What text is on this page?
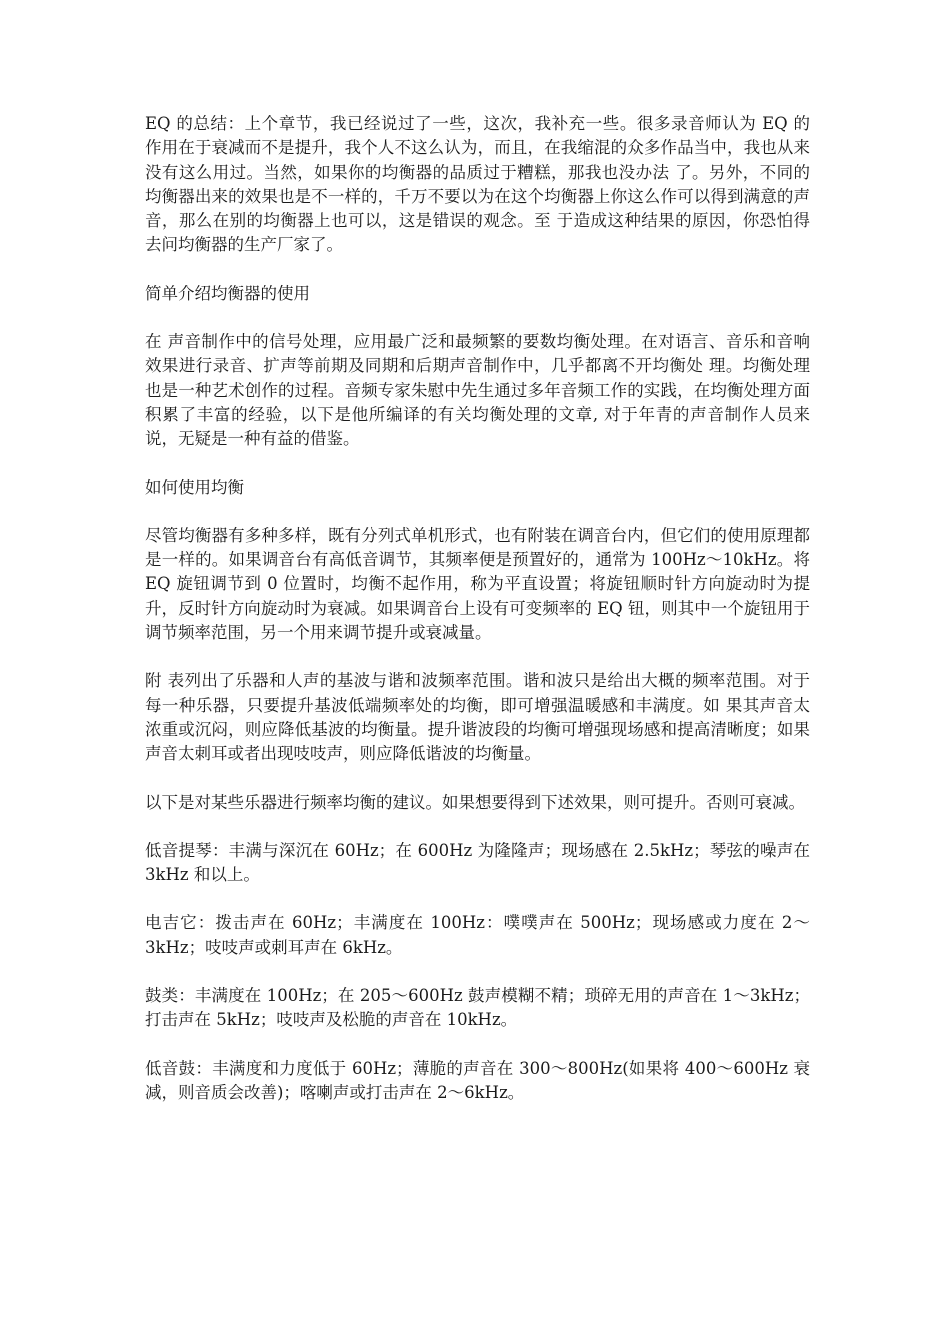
EQ 的总结：上个章节，我已经说过了一些，这次，我补充一些。很多录音师认为 EQ 的 作用在于衰减而不是提升，我个人不这么认为，而且，在我缩混的众多作品当中，我也从来没有这么用过。当然，如果你的均衡器的品质过于糟糕，那我也没办法 了。另外，不同的均衡器出来的效果也是不一样的，千万不要以为在这个均衡器上你这么作可以得到满意的声音，那么在别的均衡器上也可以，这是错误的观念。至 于造成这种结果的原因，你恐怕得去问均衡器的生产厂家了。

简单介绍均衡器的使用

在 声音制作中的信号处理，应用最广泛和最频繁的要数均衡处理。在对语言、音乐和音响效果进行录音、扩声等前期及同期和后期声音制作中，几乎都离不开均衡处 理。均衡处理也是一种艺术创作的过程。音频专家朱慰中先生通过多年音频工作的实践，在均衡处理方面积累了丰富的经验，以下是他所编译的有关均衡处理的文章, 对于年青的声音制作人员来说，无疑是一种有益的借鉴。

如何使用均衡

尽管均衡器有多种多样，既有分列式单机形式，也有附装在调音台内，但它们的使用原理都是一样的。如果调音台有高低音调节，其频率便是预置好的，通常为 100Hz～10kHz。将 EQ 旋钮调节到 0 位置时，均衡不起作用，称为平直设置；将旋钮顺时针方向旋动时为提升，反时针方向旋动时为衰减。如果调音台上设有可变频率的 EQ 钮，则其中一个旋钮用于调节频率范围，另一个用来调节提升或衰减量。

附 表列出了乐器和人声的基波与谐和波频率范围。谐和波只是给出大概的频率范围。对于每一种乐器，只要提升基波低端频率处的均衡，即可增强温暖感和丰满度。如 果其声音太浓重或沉闷，则应降低基波的均衡量。提升谐波段的均衡可增强现场感和提高清晰度；如果声音太刺耳或者出现吱吱声，则应降低谐波的均衡量。

以下是对某些乐器进行频率均衡的建议。如果想要得到下述效果，则可提升。否则可衰减。

低音提琴：丰满与深沉在 60Hz；在 600Hz 为隆隆声；现场感在 2.5kHz；琴弦的噪声在 3kHz 和以上。

电吉它：拨击声在 60Hz；丰满度在 100Hz：噗噗声在 500Hz；现场感或力度在 2～3kHz；吱吱声或刺耳声在 6kHz。

鼓类：丰满度在 100Hz；在 205～600Hz 鼓声模糊不精；琐碎无用的声音在 1～3kHz；打击声在 5kHz；吱吱声及松脆的声音在 10kHz。

低音鼓：丰满度和力度低于 60Hz；薄脆的声音在 300～800Hz(如果将 400～600Hz 衰减，则音质会改善)；喀喇声或打击声在 2～6kHz。
